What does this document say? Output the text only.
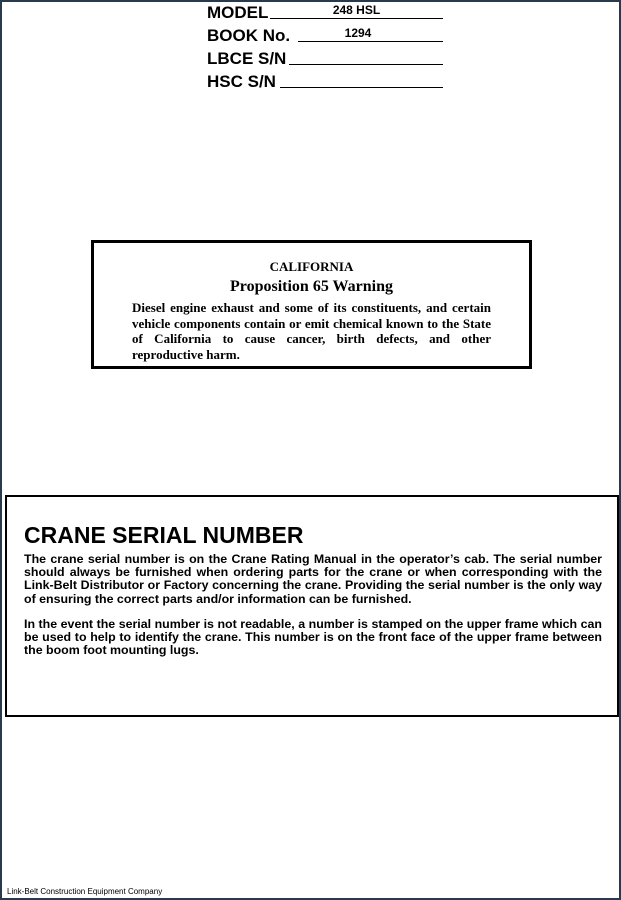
MODEL	248 HSL
BOOK No.	1294
LBCE S/N
HSC S/N
CALIFORNIA
Proposition 65 Warning
Diesel engine exhaust and some of its constituents, and certain vehicle components contain or emit chemical known to the State of California to cause cancer, birth defects, and other reproductive harm.
CRANE SERIAL NUMBER
The crane serial number is on the Crane Rating Manual in the operator’s cab. The serial number should always be furnished when ordering parts for the crane or when corresponding with the Link-Belt Distributor or Factory concerning the crane. Providing the serial number is the only way of ensuring the correct parts and/or information can be furnished.
In the event the serial number is not readable, a number is stamped on the upper frame which can be used to help to identify the crane. This number is on the front face of the upper frame between the boom foot mounting lugs.
Link-Belt Construction Equipment Company
